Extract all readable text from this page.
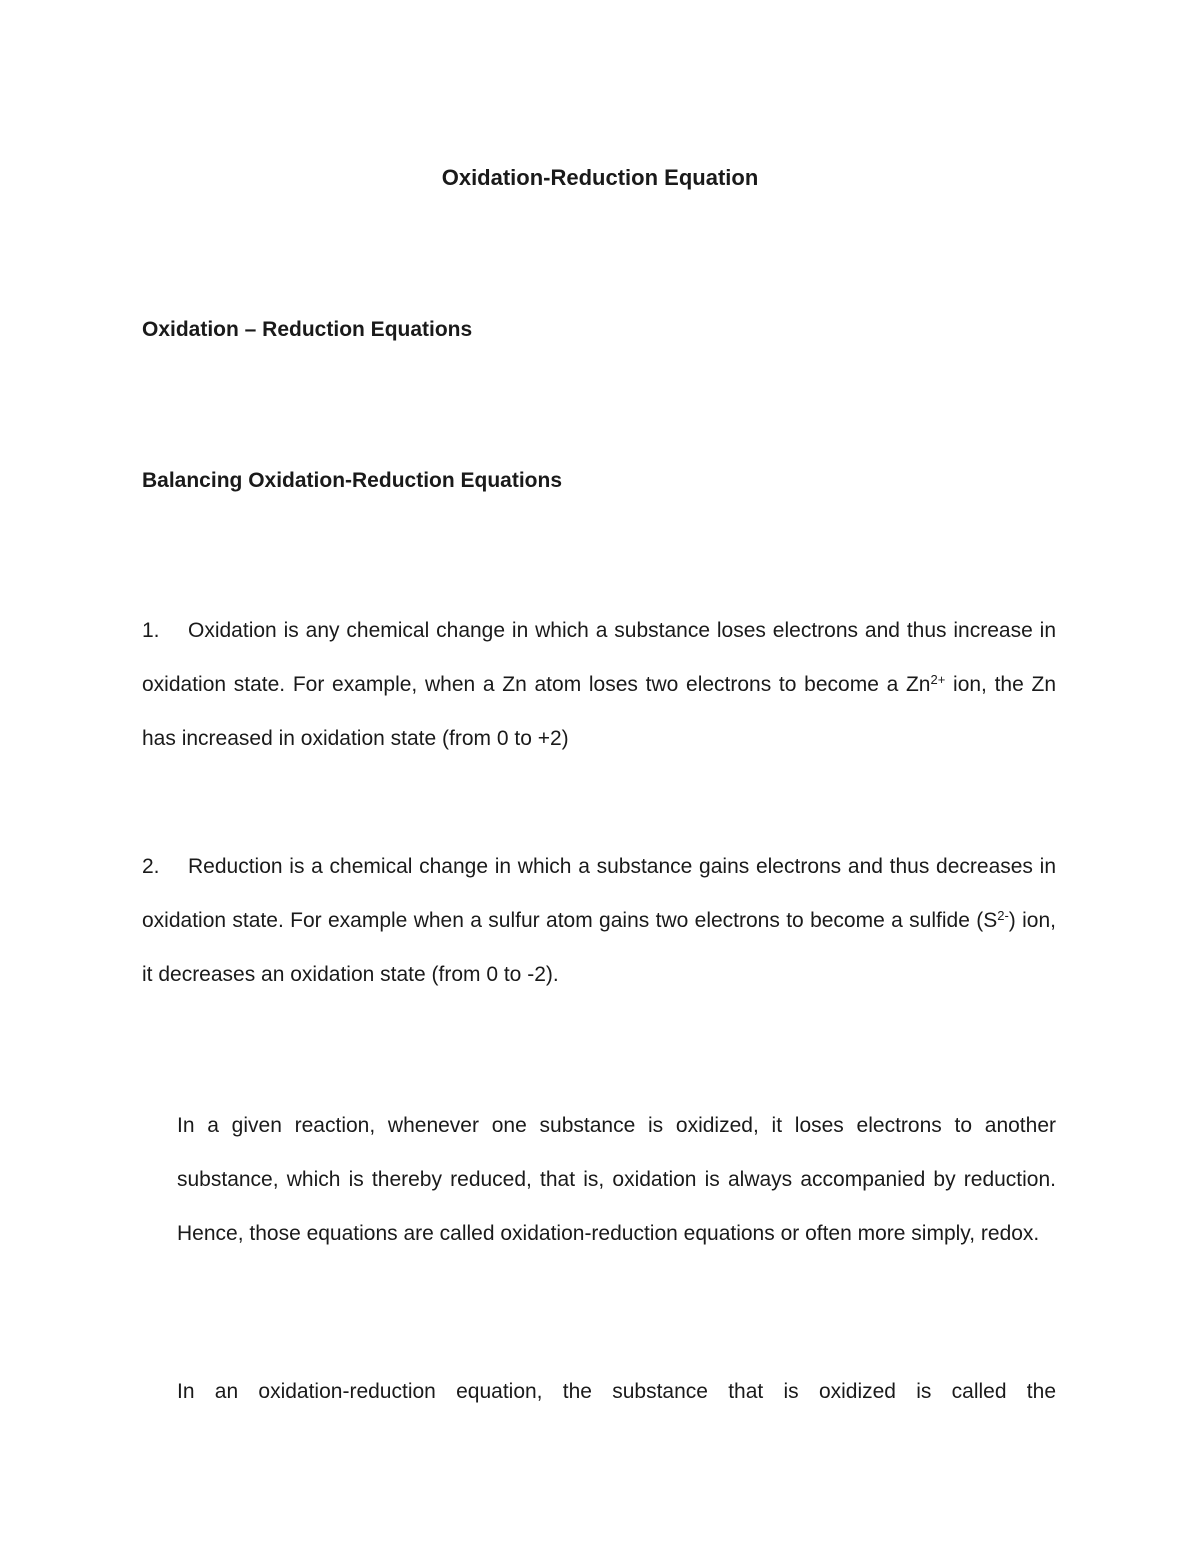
Oxidation-Reduction Equation
Oxidation – Reduction Equations
Balancing Oxidation-Reduction Equations

1. Oxidation is any chemical change in which a substance loses electrons and thus increase in oxidation state. For example, when a Zn atom loses two electrons to become a $Zn^{2+}$ ion, the Zn has increased in oxidation state (from 0 to +2)

2. Reduction is a chemical change in which a substance gains electrons and thus decreases in oxidation state. For example when a sulfur atom gains two electrons to become a sulfide $(S^{2-})$ ion, it decreases an oxidation state (from 0 to -2).

In a given reaction, whenever one substance is oxidized, it loses electrons to another substance, which is thereby reduced, that is, oxidation is always accompanied by reduction. Hence, those equations are called oxidation-reduction equations or often more simply, redox.

In an oxidation-reduction equation, the substance that is oxidized is called the
